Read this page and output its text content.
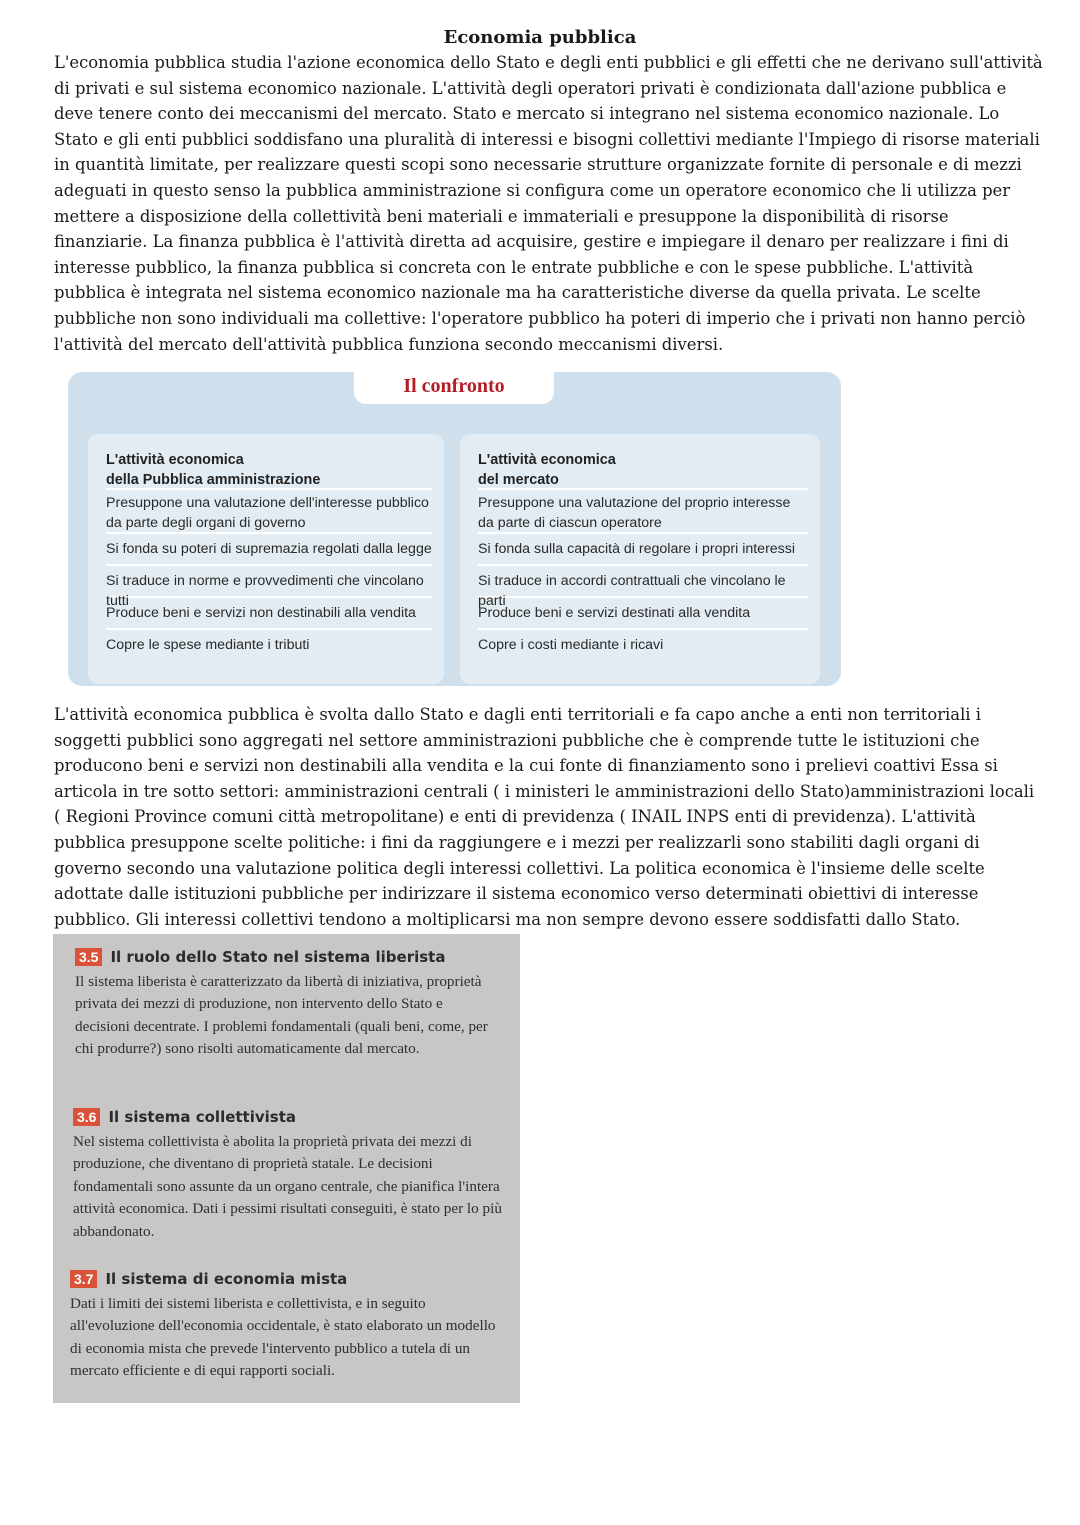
Economia pubblica

L'economia pubblica studia l'azione economica dello Stato e degli enti pubblici e gli effetti che ne derivano sull'attività di privati e sul sistema economico nazionale. L'attività degli operatori privati è condizionata dall'azione pubblica e deve tenere conto dei meccanismi del mercato. Stato e mercato si integrano nel sistema economico nazionale. Lo Stato e gli enti pubblici soddisfano una pluralità di interessi e bisogni collettivi mediante l'Impiego di risorse materiali in quantità limitate, per realizzare questi scopi sono necessarie strutture organizzate fornite di personale e di mezzi adeguati in questo senso la pubblica amministrazione si configura come un operatore economico che li utilizza per mettere a disposizione della collettività beni materiali e immateriali e presuppone la disponibilità di risorse finanziarie. La finanza pubblica è l'attività diretta ad acquisire, gestire e impiegare il denaro per realizzare i fini di interesse pubblico, la finanza pubblica si concreta con le entrate pubbliche e con le spese pubbliche. L'attività pubblica è integrata nel sistema economico nazionale ma ha caratteristiche diverse da quella privata. Le scelte pubbliche non sono individuali ma collettive: l'operatore pubblico ha poteri di imperio che i privati non hanno perciò l'attività del mercato dell'attività pubblica funziona secondo meccanismi diversi.

Il confronto
L'attività economica
della Pubblica amministrazione
Presuppone una valutazione dell'interesse pubblico da parte degli organi di governo
Si fonda su poteri di supremazia regolati dalla legge
Si traduce in norme e provvedimenti che vincolano tutti
Produce beni e servizi non destinabili alla vendita
Copre le spese mediante i tributi
L'attività economica
del mercato
Presuppone una valutazione del proprio interesse da parte di ciascun operatore
Si fonda sulla capacità di regolare i propri interessi
Si traduce in accordi contrattuali che vincolano le parti
Produce beni e servizi destinati alla vendita
Copre i costi mediante i ricavi

L'attività economica pubblica è svolta dallo Stato e dagli enti territoriali e fa capo anche a enti non territoriali i soggetti pubblici sono aggregati nel settore amministrazioni pubbliche che è comprende tutte le istituzioni che producono beni e servizi non destinabili alla vendita e la cui fonte di finanziamento sono i prelievi coattivi Essa si articola in tre sotto settori: amministrazioni centrali ( i ministeri le amministrazioni dello Stato)amministrazioni locali ( Regioni Province comuni città metropolitane) e enti di previdenza ( INAIL INPS enti di previdenza). L'attività pubblica presuppone scelte politiche: i fini da raggiungere e i mezzi per realizzarli sono stabiliti dagli organi di governo secondo una valutazione politica degli interessi collettivi. La politica economica è l'insieme delle scelte adottate dalle istituzioni pubbliche per indirizzare il sistema economico verso determinati obiettivi di interesse pubblico. Gli interessi collettivi tendono a moltiplicarsi ma non sempre devono essere soddisfatti dallo Stato.

3.5 Il ruolo dello Stato nel sistema liberista
Il sistema liberista è caratterizzato da libertà di iniziativa, proprietà privata dei mezzi di produzione, non intervento dello Stato e decisioni decentrate. I problemi fondamentali (quali beni, come, per chi produrre?) sono risolti automaticamente dal mercato.
3.6 Il sistema collettivista
Nel sistema collettivista è abolita la proprietà privata dei mezzi di produzione, che diventano di proprietà statale. Le decisioni fondamentali sono assunte da un organo centrale, che pianifica l'intera attività economica. Dati i pessimi risultati conseguiti, è stato per lo più abbandonato.
3.7 Il sistema di economia mista
Dati i limiti dei sistemi liberista e collettivista, e in seguito all'evoluzione dell'economia occidentale, è stato elaborato un modello di economia mista che prevede l'intervento pubblico a tutela di un mercato efficiente e di equi rapporti sociali.
